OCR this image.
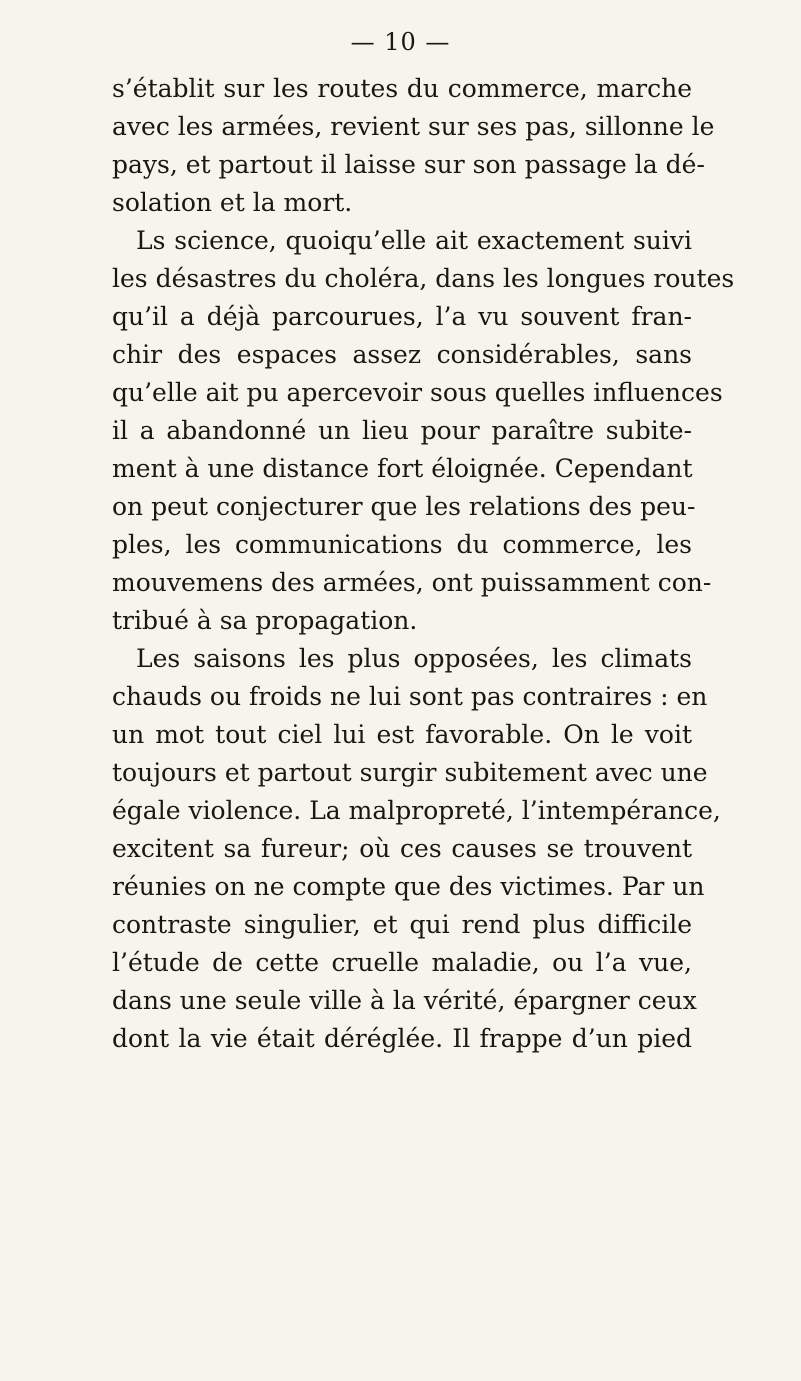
— 10 —
s’établit sur les routes du commerce, marche
avec les armées, revient sur ses pas, sillonne le
pays, et partout il laisse sur son passage la dé-
solation et la mort.
Ls science, quoiqu’elle ait exactement suivi
les désastres du choléra, dans les longues routes
qu’il a déjà parcourues, l’a vu souvent fran-
chir des espaces assez considérables, sans
qu’elle ait pu apercevoir sous quelles influences
il a abandonné un lieu pour paraître subite-
ment à une distance fort éloignée. Cependant
on peut conjecturer que les relations des peu-
ples, les communications du commerce, les
mouvemens des armées, ont puissamment con-
tribué à sa propagation.
Les saisons les plus opposées, les climats
chauds ou froids ne lui sont pas contraires : en
un mot tout ciel lui est favorable. On le voit
toujours et partout surgir subitement avec une
égale violence. La malpropreté, l’intempérance,
excitent sa fureur; où ces causes se trouvent
réunies on ne compte que des victimes. Par un
contraste singulier, et qui rend plus difficile
l’étude de cette cruelle maladie, ou l’a vue,
dans une seule ville à la vérité, épargner ceux
dont la vie était déréglée. Il frappe d’un pied
